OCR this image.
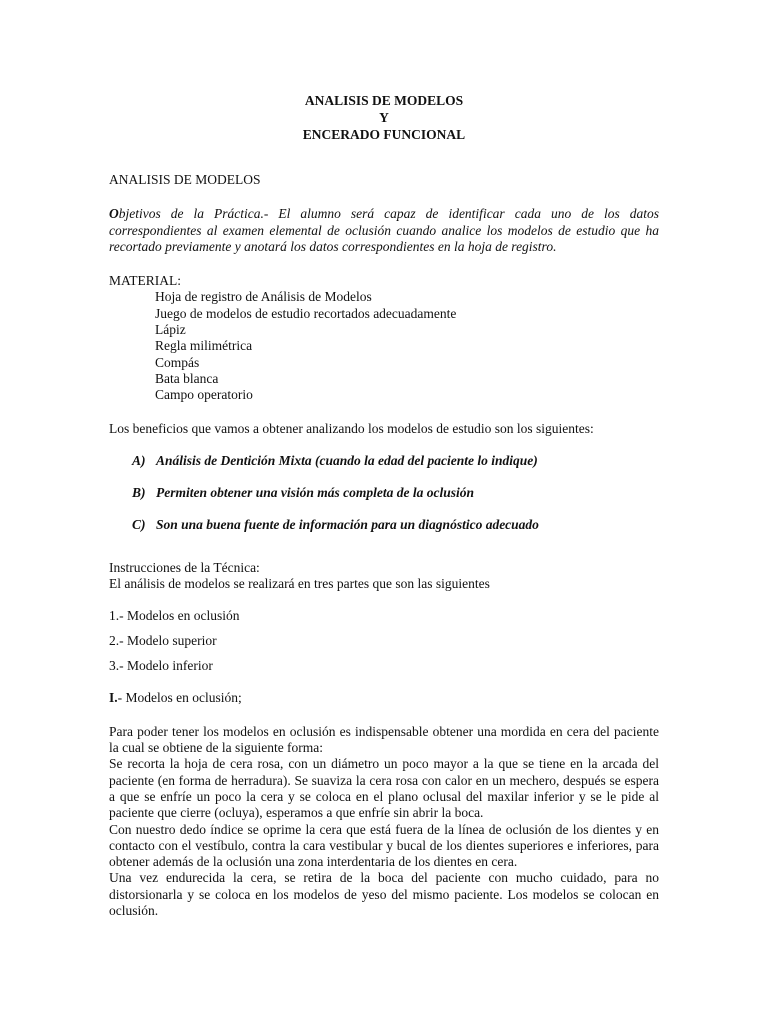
ANALISIS DE MODELOS
Y
ENCERADO FUNCIONAL

ANALISIS DE MODELOS

Objetivos de la Práctica.- El alumno será capaz de identificar cada uno de los datos correspondientes al examen elemental de oclusión cuando analice los modelos de estudio que ha recortado previamente y anotará los datos correspondientes en la hoja de registro.

MATERIAL:

Hoja de registro de Análisis de Modelos
Juego de modelos de estudio recortados adecuadamente
Lápiz
Regla milimétrica
Compás
Bata blanca
Campo operatorio

Los beneficios que vamos a obtener analizando los modelos de estudio son los siguientes:

A) Análisis de Dentición Mixta (cuando la edad del paciente lo indique)
B) Permiten obtener una visión más completa de la oclusión
C) Son una buena fuente de información para un diagnóstico adecuado

Instrucciones de la Técnica:

El análisis de modelos se realizará en tres partes que son las siguientes

1.- Modelos en oclusión
2.- Modelo superior
3.- Modelo inferior

I.- Modelos en oclusión;

Para poder tener los modelos en oclusión es indispensable obtener una mordida en cera del paciente la cual se obtiene de la siguiente forma:

Se recorta la hoja de cera rosa, con un diámetro un poco mayor a la que se tiene en la arcada del paciente (en forma de herradura). Se suaviza la cera rosa con calor en un mechero, después se espera a que se enfríe un poco la cera y se coloca en el plano oclusal del maxilar inferior y se le pide al paciente que cierre (ocluya), esperamos a que enfríe sin abrir la boca.

Con nuestro dedo índice se oprime la cera que está fuera de la línea de oclusión de los dientes y en contacto con el vestíbulo, contra la cara vestibular y bucal de los dientes superiores e inferiores, para obtener además de la oclusión una zona interdentaria de los dientes en cera.

Una vez endurecida la cera, se retira de la boca del paciente con mucho cuidado, para no distorsionarla y se coloca en los modelos de yeso del mismo paciente. Los modelos se colocan en oclusión.
